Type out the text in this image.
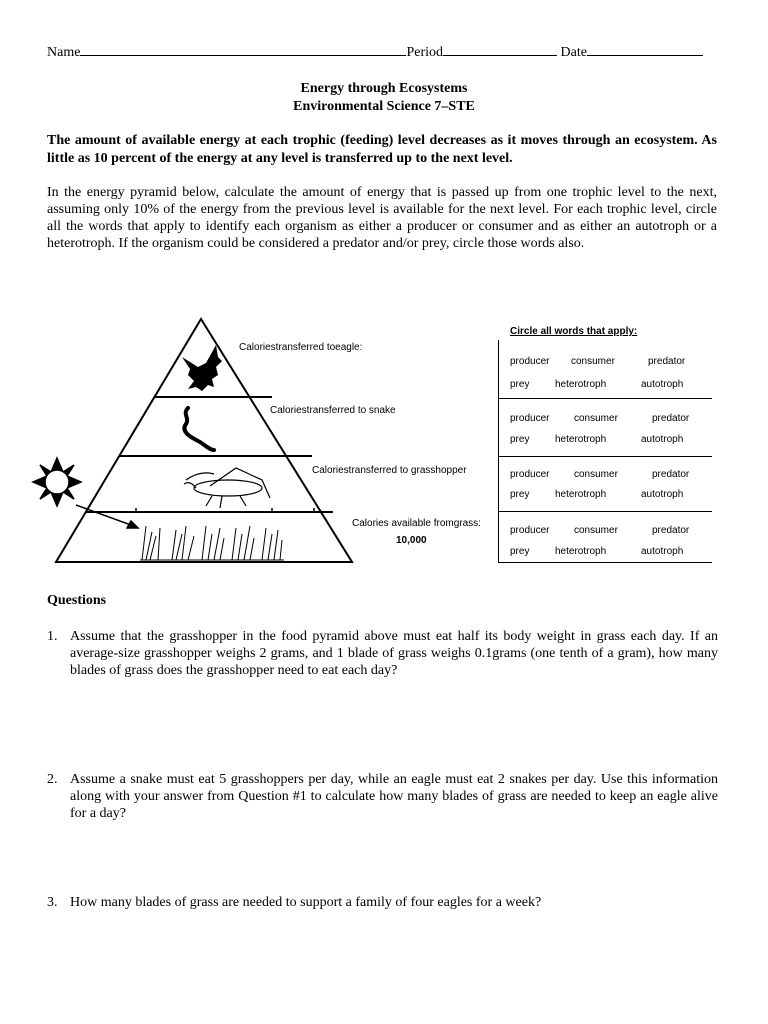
Name	Period	Date
Energy through Ecosystems
Environmental Science 7–STE
The amount of available energy at each trophic (feeding) level decreases as it moves through an ecosystem. As little as 10 percent of the energy at any level is transferred up to the next level.
In the energy pyramid below, calculate the amount of energy that is passed up from one trophic level to the next, assuming only 10% of the energy from the previous level is available for the next level. For each trophic level, circle all the words that apply to identify each organism as either a producer or consumer and as either an autotroph or a heterotroph. If the organism could be considered a predator and/or prey, circle those words also.
Caloriestransferred toeagle:
Caloriestransferred to snake
Caloriestransferred to grasshopper
Calories available fromgrass:
10,000
Circle all words that apply:
producer consumer	predator
prey	heterotroph	autotroph
producer consumer	predator
prey	heterotroph	autotroph
producer consumer	predator
prey	heterotroph	autotroph
producer consumer	predator
prey	heterotroph	autotroph
Questions
1. Assume that the grasshopper in the food pyramid above must eat half its body weight in grass each day. If an average-size grasshopper weighs 2 grams, and 1 blade of grass weighs 0.1grams (one tenth of a gram), how many blades of grass does the grasshopper need to eat each day?
2. Assume a snake must eat 5 grasshoppers per day, while an eagle must eat 2 snakes per day. Use this information along with your answer from Question #1 to calculate how many blades of grass are needed to keep an eagle alive for a day?
3. How many blades of grass are needed to support a family of four eagles for a week?
